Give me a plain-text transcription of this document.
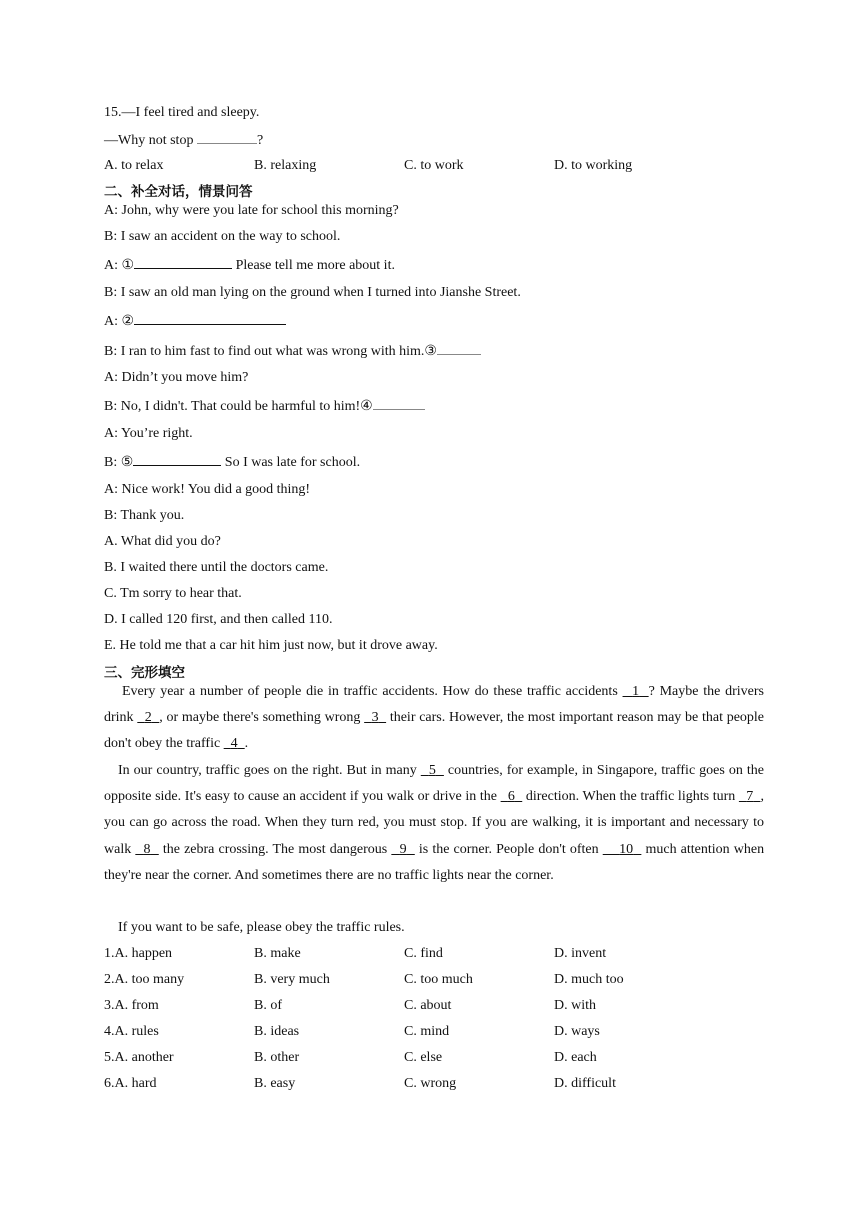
15.—I feel tired and sleepy.
—Why not stop	?
A. to relax	B. relaxing	C. to work	D. to working
二、补全对话，情景问答
A: John, why were you late for school this morning?
B: I saw an accident on the way to school.
A: ①	Please tell me more about it.
B: I saw an old man lying on the ground when I turned into Jianshe Street.
A: ②
B: I ran to him fast to find out what was wrong with him.③
A: Didn’t you move him?
B: No, I didn't. That could be harmful to him!④
A: You’re right.
B: ⑤	So I was late for school.
A: Nice work! You did a good thing!
B: Thank you.
A. What did you do?
B. I waited there until the doctors came.
C. Tm sorry to hear that.
D. I called 120 first, and then called 110.
E. He told me that a car hit him just now, but it drove away.
三、完形填空
Every year a number of people die in traffic accidents. How do these traffic accidents   1 ? Maybe the drivers drink   2 , or maybe there's something wrong   3   their cars. However, the most important reason may be that people don't obey the traffic   4 .
In our country, traffic goes on the right. But in many   5   countries, for example, in Singapore, traffic goes on the opposite side. It's easy to cause an accident if you walk or drive in the   6   direction. When the traffic lights turn   7 , you can go across the road. When they turn red, you must stop. If you are walking, it is important and necessary to walk   8   the zebra crossing. The most dangerous   9   is the corner. People don't often     10   much attention when they're near the corner. And sometimes there are no traffic lights near the corner.
If you want to be safe, please obey the traffic rules.
1.A. happen	B. make	C. find	D. invent
2.A. too many	B. very much	C. too much	D. much too
3.A. from	B. of	C. about	D. with
4.A. rules	B. ideas	C. mind	D. ways
5.A. another	B. other	C. else	D. each
6.A. hard	B. easy	C. wrong	D. difficult
